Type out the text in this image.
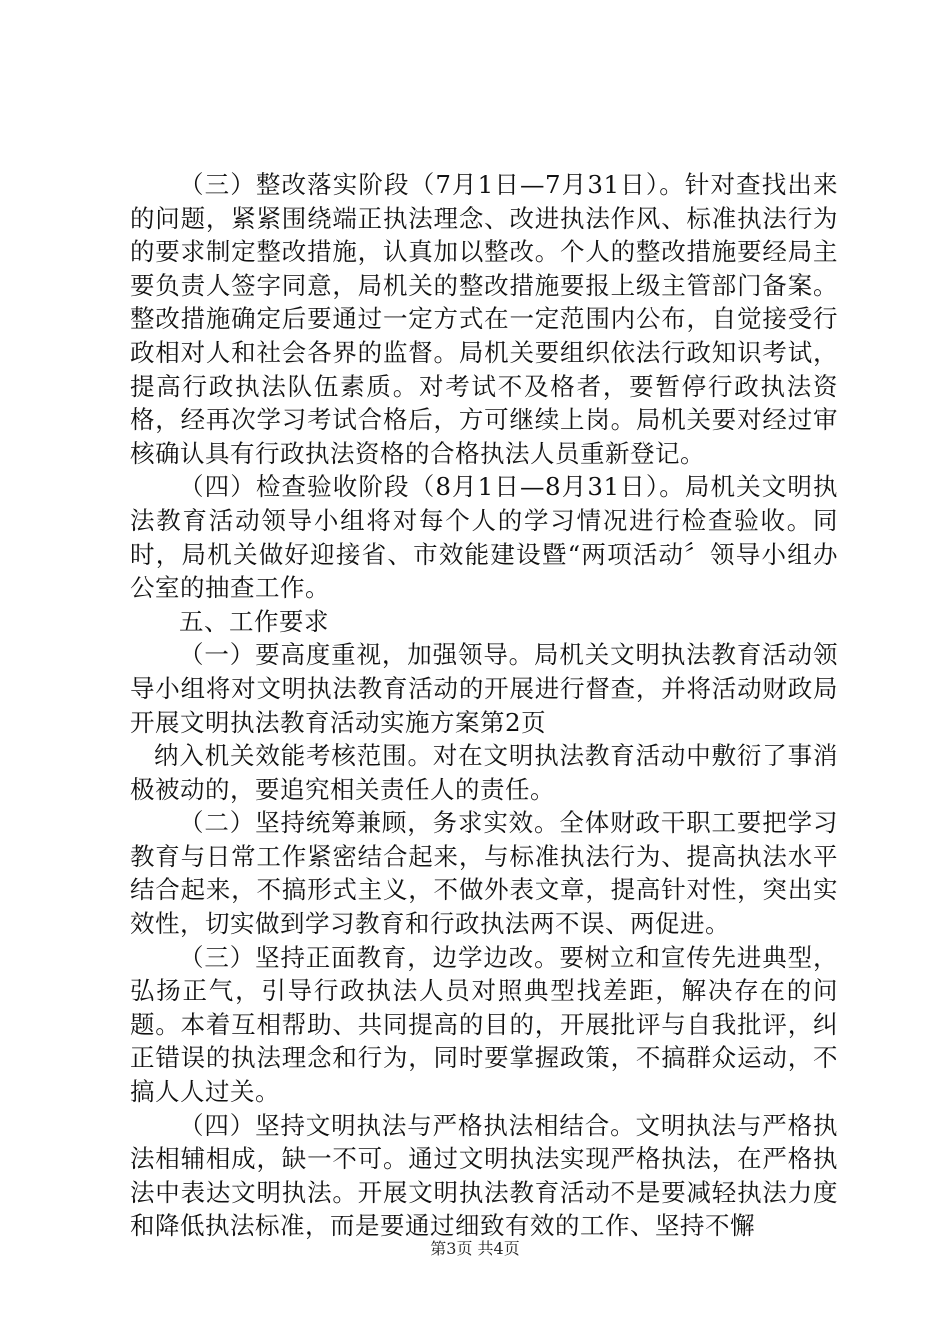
（三）整改落实阶段（7月1日—7月31日）。针对查找出来的问题，紧紧围绕端正执法理念、改进执法作风、标准执法行为的要求制定整改措施，认真加以整改。个人的整改措施要经局主要负责人签字同意，局机关的整改措施要报上级主管部门备案。整改措施确定后要通过一定方式在一定范围内公布，自觉接受行政相对人和社会各界的监督。局机关要组织依法行政知识考试，提高行政执法队伍素质。对考试不及格者，要暂停行政执法资格，经再次学习考试合格后，方可继续上岗。局机关要对经过审核确认具有行政执法资格的合格执法人员重新登记。

（四）检查验收阶段（8月1日—8月31日）。局机关文明执法教育活动领导小组将对每个人的学习情况进行检查验收。同时，局机关做好迎接省、市效能建设暨“两项活动〞领导小组办公室的抽查工作。

五、工作要求

（一）要高度重视，加强领导。局机关文明执法教育活动领导小组将对文明执法教育活动的开展进行督查，并将活动财政局开展文明执法教育活动实施方案第2页

纳入机关效能考核范围。对在文明执法教育活动中敷衍了事消极被动的，要追究相关责任人的责任。

（二）坚持统筹兼顾，务求实效。全体财政干职工要把学习教育与日常工作紧密结合起来，与标准执法行为、提高执法水平结合起来，不搞形式主义，不做外表文章，提高针对性，突出实效性，切实做到学习教育和行政执法两不误、两促进。

（三）坚持正面教育，边学边改。要树立和宣传先进典型，弘扬正气，引导行政执法人员对照典型找差距，解决存在的问题。本着互相帮助、共同提高的目的，开展批评与自我批评，纠正错误的执法理念和行为，同时要掌握政策，不搞群众运动，不搞人人过关。

（四）坚持文明执法与严格执法相结合。文明执法与严格执法相辅相成，缺一不可。通过文明执法实现严格执法，在严格执法中表达文明执法。开展文明执法教育活动不是要减轻执法力度和降低执法标准，而是要通过细致有效的工作、坚持不懈

第3页 共4页
